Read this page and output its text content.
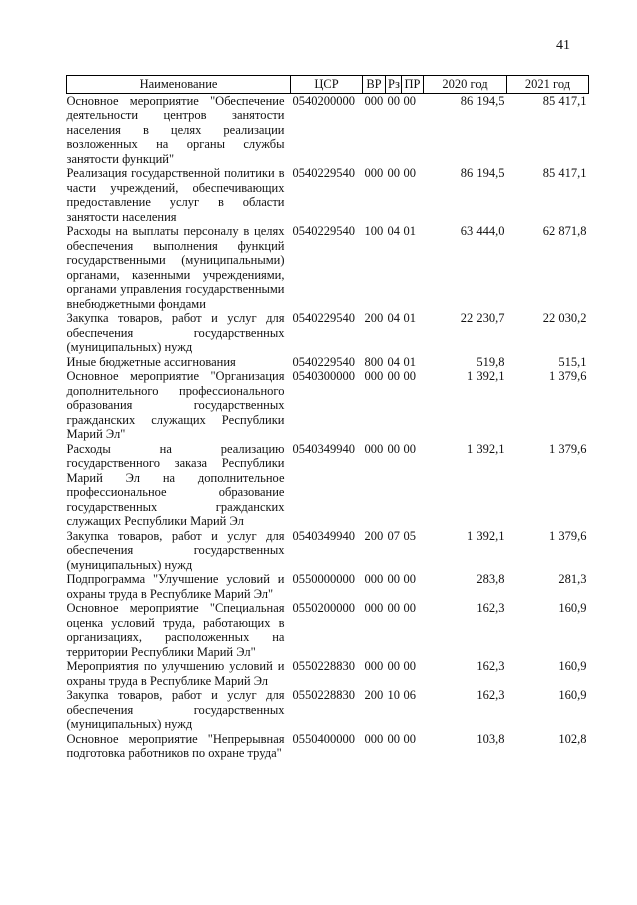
41
Наименование	ЦСР	ВР	Рз	ПР	2020 год	2021 год
Основное мероприятие "Обеспечение деятельности центров занятости населения в целях реализации возложенных на органы службы занятости функций"	0540200000	000	00	00	86 194,5	85 417,1
Реализация государственной политики в части учреждений, обеспечивающих предоставление услуг в области занятости населения	0540229540	000	00	00	86 194,5	85 417,1
Расходы на выплаты персоналу в целях обеспечения выполнения функций государственными (муниципальными) органами, казенными учреждениями, органами управления государственными внебюджетными фондами	0540229540	100	04	01	63 444,0	62 871,8
Закупка товаров, работ и услуг для обеспечения государственных (муниципальных) нужд	0540229540	200	04	01	22 230,7	22 030,2
Иные бюджетные ассигнования	0540229540	800	04	01	519,8	515,1
Основное мероприятие "Организация дополнительного профессионального образования государственных гражданских служащих Республики Марий Эл"	0540300000	000	00	00	1 392,1	1 379,6
Расходы на реализацию государственного заказа Республики Марий Эл на дополнительное профессиональное образование государственных гражданских служащих Республики Марий Эл	0540349940	000	00	00	1 392,1	1 379,6
Закупка товаров, работ и услуг для обеспечения государственных (муниципальных) нужд	0540349940	200	07	05	1 392,1	1 379,6
Подпрограмма "Улучшение условий и охраны труда в Республике Марий Эл"	0550000000	000	00	00	283,8	281,3
Основное мероприятие "Специальная оценка условий труда, работающих в организациях, расположенных на территории Республики Марий Эл"	0550200000	000	00	00	162,3	160,9
Мероприятия по улучшению условий и охраны труда в Республике Марий Эл	0550228830	000	00	00	162,3	160,9
Закупка товаров, работ и услуг для обеспечения государственных (муниципальных) нужд	0550228830	200	10	06	162,3	160,9
Основное мероприятие "Непрерывная подготовка работников по охране труда"	0550400000	000	00	00	103,8	102,8
